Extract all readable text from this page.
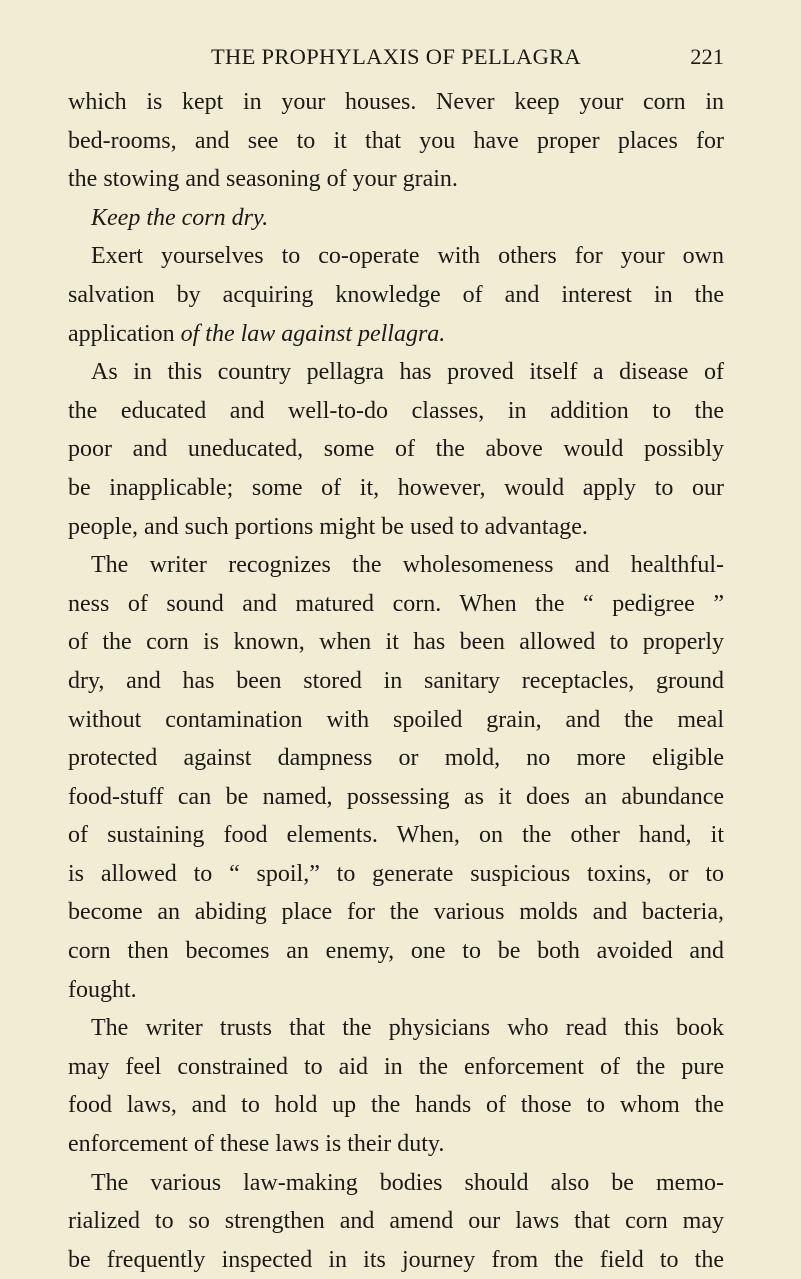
THE PROPHYLAXIS OF PELLAGRA	221
which is kept in your houses. Never keep your corn in
bed-rooms, and see to it that you have proper places for
the stowing and seasoning of your grain.
Keep the corn dry.
Exert yourselves to co-operate with others for your own
salvation by acquiring knowledge of and interest in the
application of the law against pellagra.
As in this country pellagra has proved itself a disease of
the educated and well-to-do classes, in addition to the
poor and uneducated, some of the above would possibly
be inapplicable; some of it, however, would apply to our
people, and such portions might be used to advantage.
The writer recognizes the wholesomeness and healthful-
ness of sound and matured corn. When the “ pedigree ”
of the corn is known, when it has been allowed to properly
dry, and has been stored in sanitary receptacles, ground
without contamination with spoiled grain, and the meal
protected against dampness or mold, no more eligible
food-stuff can be named, possessing as it does an abundance
of sustaining food elements. When, on the other hand, it
is allowed to “ spoil,” to generate suspicious toxins, or to
become an abiding place for the various molds and bacteria,
corn then becomes an enemy, one to be both avoided and
fought.
The writer trusts that the physicians who read this book
may feel constrained to aid in the enforcement of the pure
food laws, and to hold up the hands of those to whom the
enforcement of these laws is their duty.
The various law-making bodies should also be memo-
rialized to so strengthen and amend our laws that corn may
be frequently inspected in its journey from the field to the
